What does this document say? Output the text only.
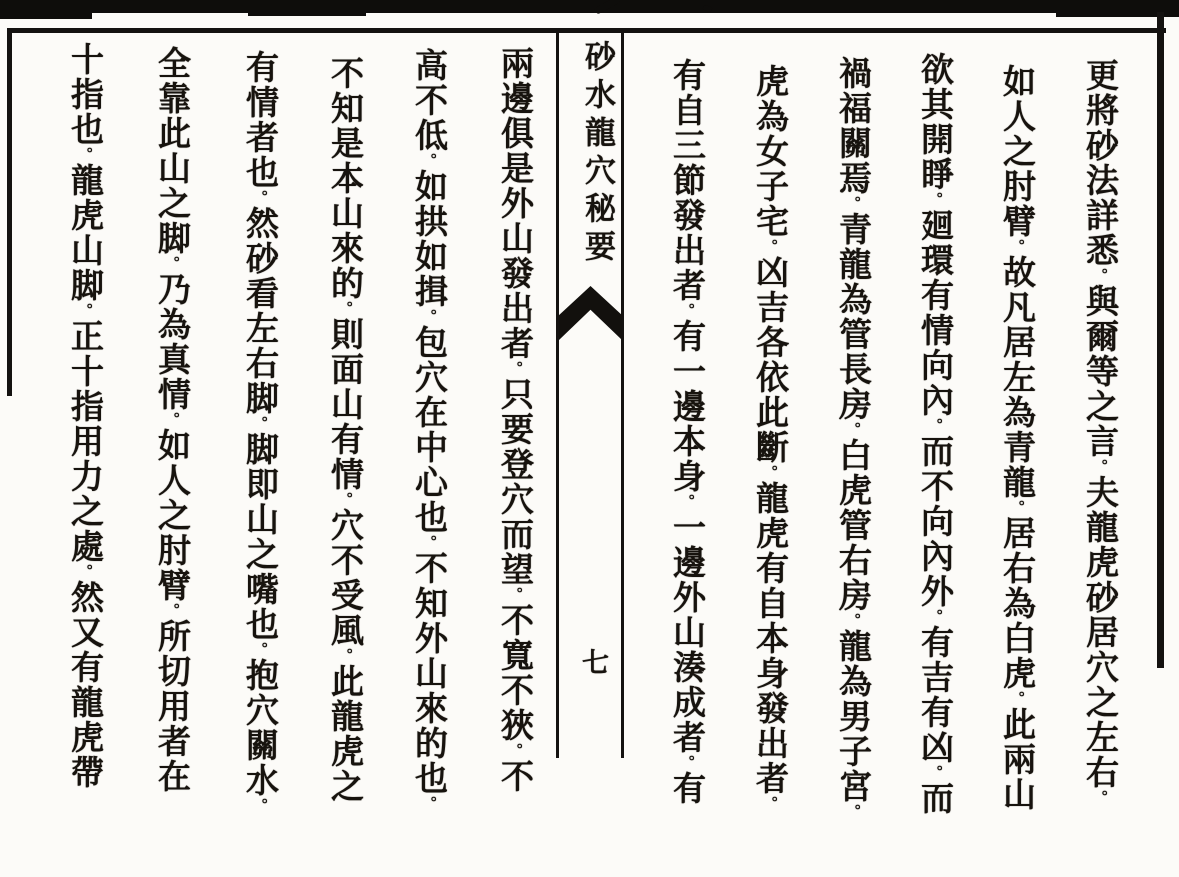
砂水龍穴秘要
七
更將砂法詳悉。與爾等之言。夫龍虎砂居穴之左右。
如人之肘臂。故凡居左為青龍。居右為白虎。此兩山
欲其開睜。廻環有情向內。而不向內外。有吉有凶。而
禍福關焉。青龍為管長房。白虎管右房。龍為男子宮。
虎為女子宅。凶吉各依此斷。龍虎有自本身發出者。
有自三節發出者。有一邊本身。一邊外山湊成者。有
兩邊俱是外山發出者。只要登穴而望。不寬不狹。不
高不低。如拱如揖。包穴在中心也。不知外山來的也。
不知是本山來的。則面山有情。穴不受風。此龍虎之
有情者也。然砂看左右脚。脚即山之嘴也。抱穴關水。
全靠此山之脚。乃為真情。如人之肘臂。所切用者在
十指也。龍虎山脚。正十指用力之處。然又有龍虎帶
